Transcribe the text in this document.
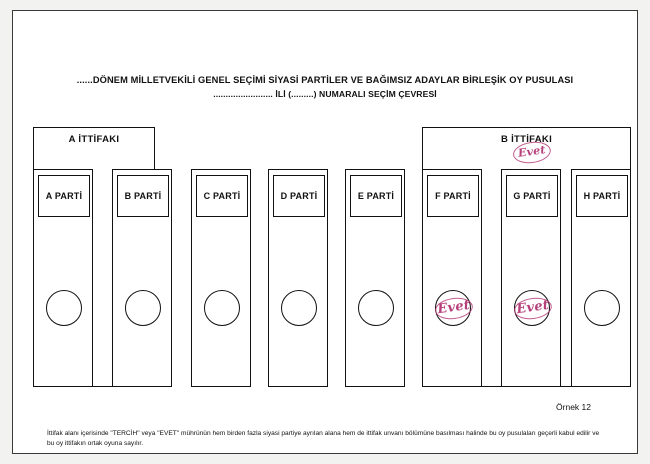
......DÖNEM MİLLETVEKİLİ GENEL SEÇİMİ SİYASİ PARTİLER VE BAĞIMSIZ ADAYLAR BİRLEŞİK OY PUSULASI
........................ İLİ (.........) NUMARALI SEÇİM ÇEVRESİ
A İTTİFAKI	B İTTİFAKI
Evet
A PARTİ	B PARTİ	C PARTİ	D PARTİ	E PARTİ	F PARTİ	G PARTİ	H PARTİ
Evet	Evet
Örnek 12
İttifak alanı içerisinde "TERCİH" veya "EVET" mührünün hem birden fazla siyasi partiye ayrılan alana hem de ittifak unvanı bölümüne basılması halinde bu oy pusulaları geçerli kabul edilir ve bu oy ittifakın ortak oyuna sayılır.
